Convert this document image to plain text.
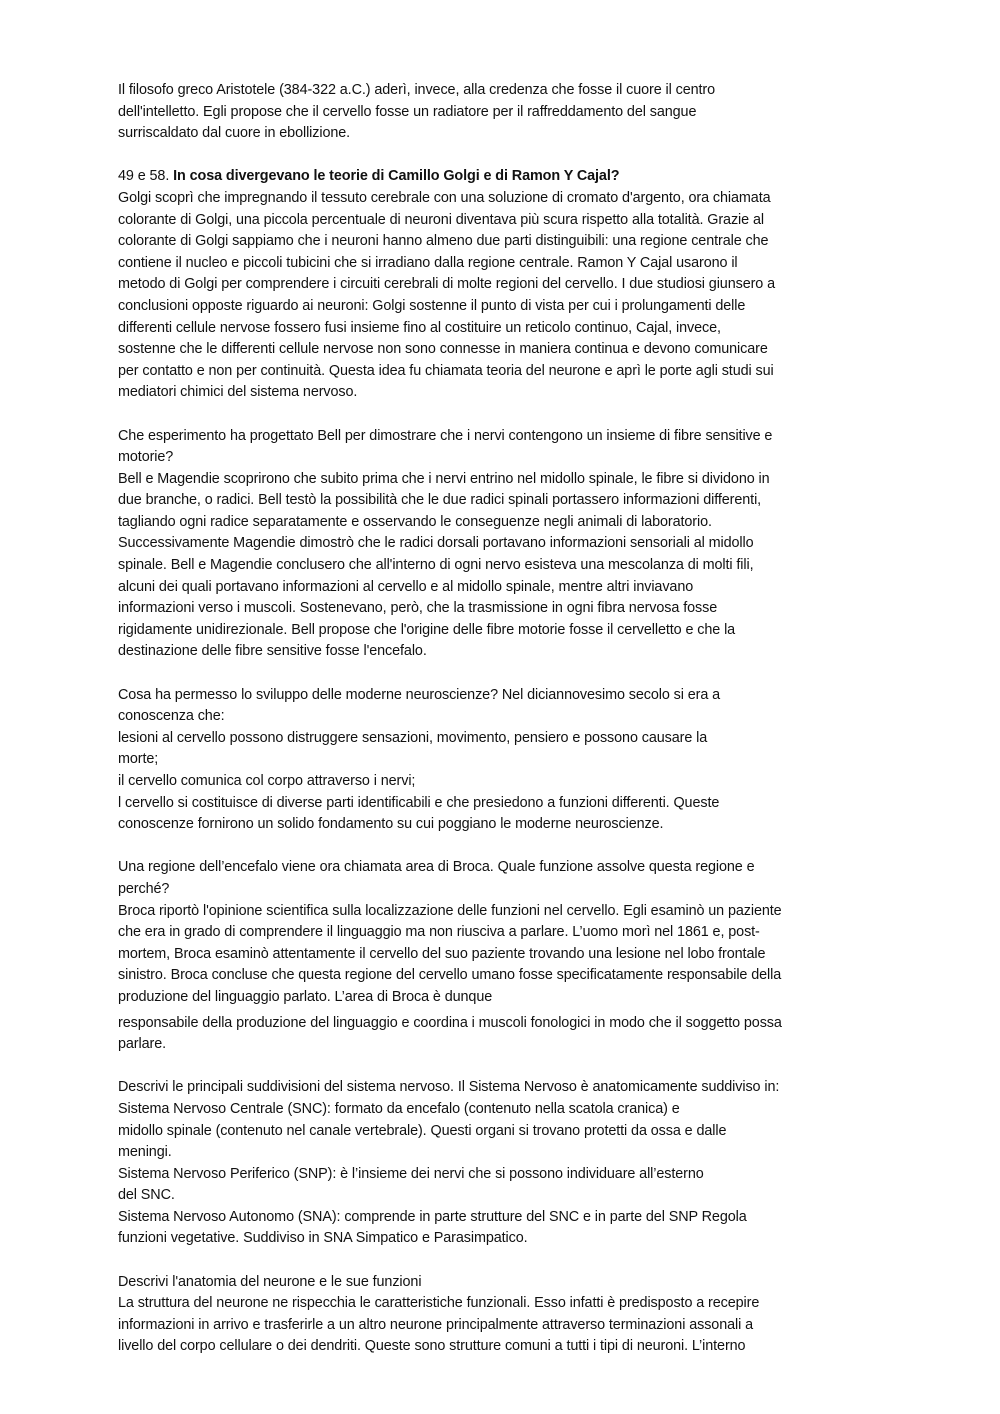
Il filosofo greco Aristotele (384-322 a.C.) aderì, invece, alla credenza che fosse il cuore il centro
dell'intelletto. Egli propose che il cervello fosse un radiatore per il raffreddamento del sangue
surriscaldato dal cuore in ebollizione.
49 e 58. In cosa divergevano le teorie di Camillo Golgi e di Ramon Y Cajal?
Golgi scoprì che impregnando il tessuto cerebrale con una soluzione di cromato d'argento, ora chiamata
colorante di Golgi, una piccola percentuale di neuroni diventava più scura rispetto alla totalità. Grazie al
colorante di Golgi sappiamo che i neuroni hanno almeno due parti distinguibili: una regione centrale che
contiene il nucleo e piccoli tubicini che si irradiano dalla regione centrale. Ramon Y Cajal usarono il
metodo di Golgi per comprendere i circuiti cerebrali di molte regioni del cervello. I due studiosi giunsero a
conclusioni opposte riguardo ai neuroni: Golgi sostenne il punto di vista per cui i prolungamenti delle
differenti cellule nervose fossero fusi insieme fino al costituire un reticolo continuo, Cajal, invece,
sostenne che le differenti cellule nervose non sono connesse in maniera continua e devono comunicare
per contatto e non per continuità. Questa idea fu chiamata teoria del neurone e aprì le porte agli studi sui
mediatori chimici del sistema nervoso.
Che esperimento ha progettato Bell per dimostrare che i nervi contengono un insieme di fibre sensitive e
motorie?
Bell e Magendie scoprirono che subito prima che i nervi entrino nel midollo spinale, le fibre si dividono in
due branche, o radici. Bell testò la possibilità che le due radici spinali portassero informazioni differenti,
tagliando ogni radice separatamente e osservando le conseguenze negli animali di laboratorio.
Successivamente Magendie dimostrò che le radici dorsali portavano informazioni sensoriali al midollo
spinale. Bell e Magendie conclusero che all'interno di ogni nervo esisteva una mescolanza di molti fili,
alcuni dei quali portavano informazioni al cervello e al midollo spinale, mentre altri inviavano
informazioni verso i muscoli. Sostenevano, però, che la trasmissione in ogni fibra nervosa fosse
rigidamente unidirezionale. Bell propose che l'origine delle fibre motorie fosse il cervelletto e che la
destinazione delle fibre sensitive fosse l'encefalo.
Cosa ha permesso lo sviluppo delle moderne neuroscienze? Nel diciannovesimo secolo si era a
conoscenza che:
lesioni al cervello possono distruggere sensazioni, movimento, pensiero e possono causare la
morte;
il cervello comunica col corpo attraverso i nervi;
l cervello si costituisce di diverse parti identificabili e che presiedono a funzioni differenti. Queste
conoscenze fornirono un solido fondamento su cui poggiano le moderne neuroscienze.
Una regione dell’encefalo viene ora chiamata area di Broca. Quale funzione assolve questa regione e
perché?
Broca riportò l'opinione scientifica sulla localizzazione delle funzioni nel cervello. Egli esaminò un paziente
che era in grado di comprendere il linguaggio ma non riusciva a parlare. L’uomo morì nel 1861 e, post-
mortem, Broca esaminò attentamente il cervello del suo paziente trovando una lesione nel lobo frontale
sinistro. Broca concluse che questa regione del cervello umano fosse specificatamente responsabile della
produzione del linguaggio parlato. L’area di Broca è dunque
responsabile della produzione del linguaggio e coordina i muscoli fonologici in modo che il soggetto possa
parlare.
Descrivi le principali suddivisioni del sistema nervoso. Il Sistema Nervoso è anatomicamente suddiviso in:
Sistema Nervoso Centrale (SNC): formato da encefalo (contenuto nella scatola cranica) e
midollo spinale (contenuto nel canale vertebrale). Questi organi si trovano protetti da ossa e dalle
meningi.
Sistema Nervoso Periferico (SNP): è l’insieme dei nervi che si possono individuare all’esterno
del SNC.
Sistema Nervoso Autonomo (SNA): comprende in parte strutture del SNC e in parte del SNP Regola
funzioni vegetative. Suddiviso in SNA Simpatico e Parasimpatico.
Descrivi l'anatomia del neurone e le sue funzioni
La struttura del neurone ne rispecchia le caratteristiche funzionali. Esso infatti è predisposto a recepire
informazioni in arrivo e trasferirle a un altro neurone principalmente attraverso terminazioni assonali a
livello del corpo cellulare o dei dendriti. Queste sono strutture comuni a tutti i tipi di neuroni. L’interno
